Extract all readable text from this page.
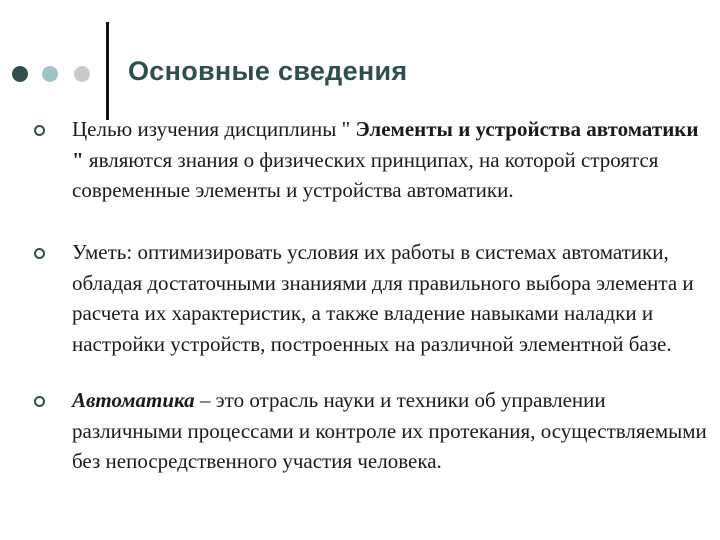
Основные сведения
Целью изучения дисциплины " Элементы и устройства автоматики " являются знания о физических принципах, на которой строятся современные элементы и устройства автоматики.
Уметь: оптимизировать условия их работы в системах автоматики, обладая достаточными знаниями для правильного выбора элемента и расчета их характеристик, а также владение навыками наладки и настройки устройств, построенных на различной элементной базе.
Автоматика – это отрасль науки и техники об управлении различными процессами и контроле их протекания, осуществляемыми без непосредственного участия человека.
